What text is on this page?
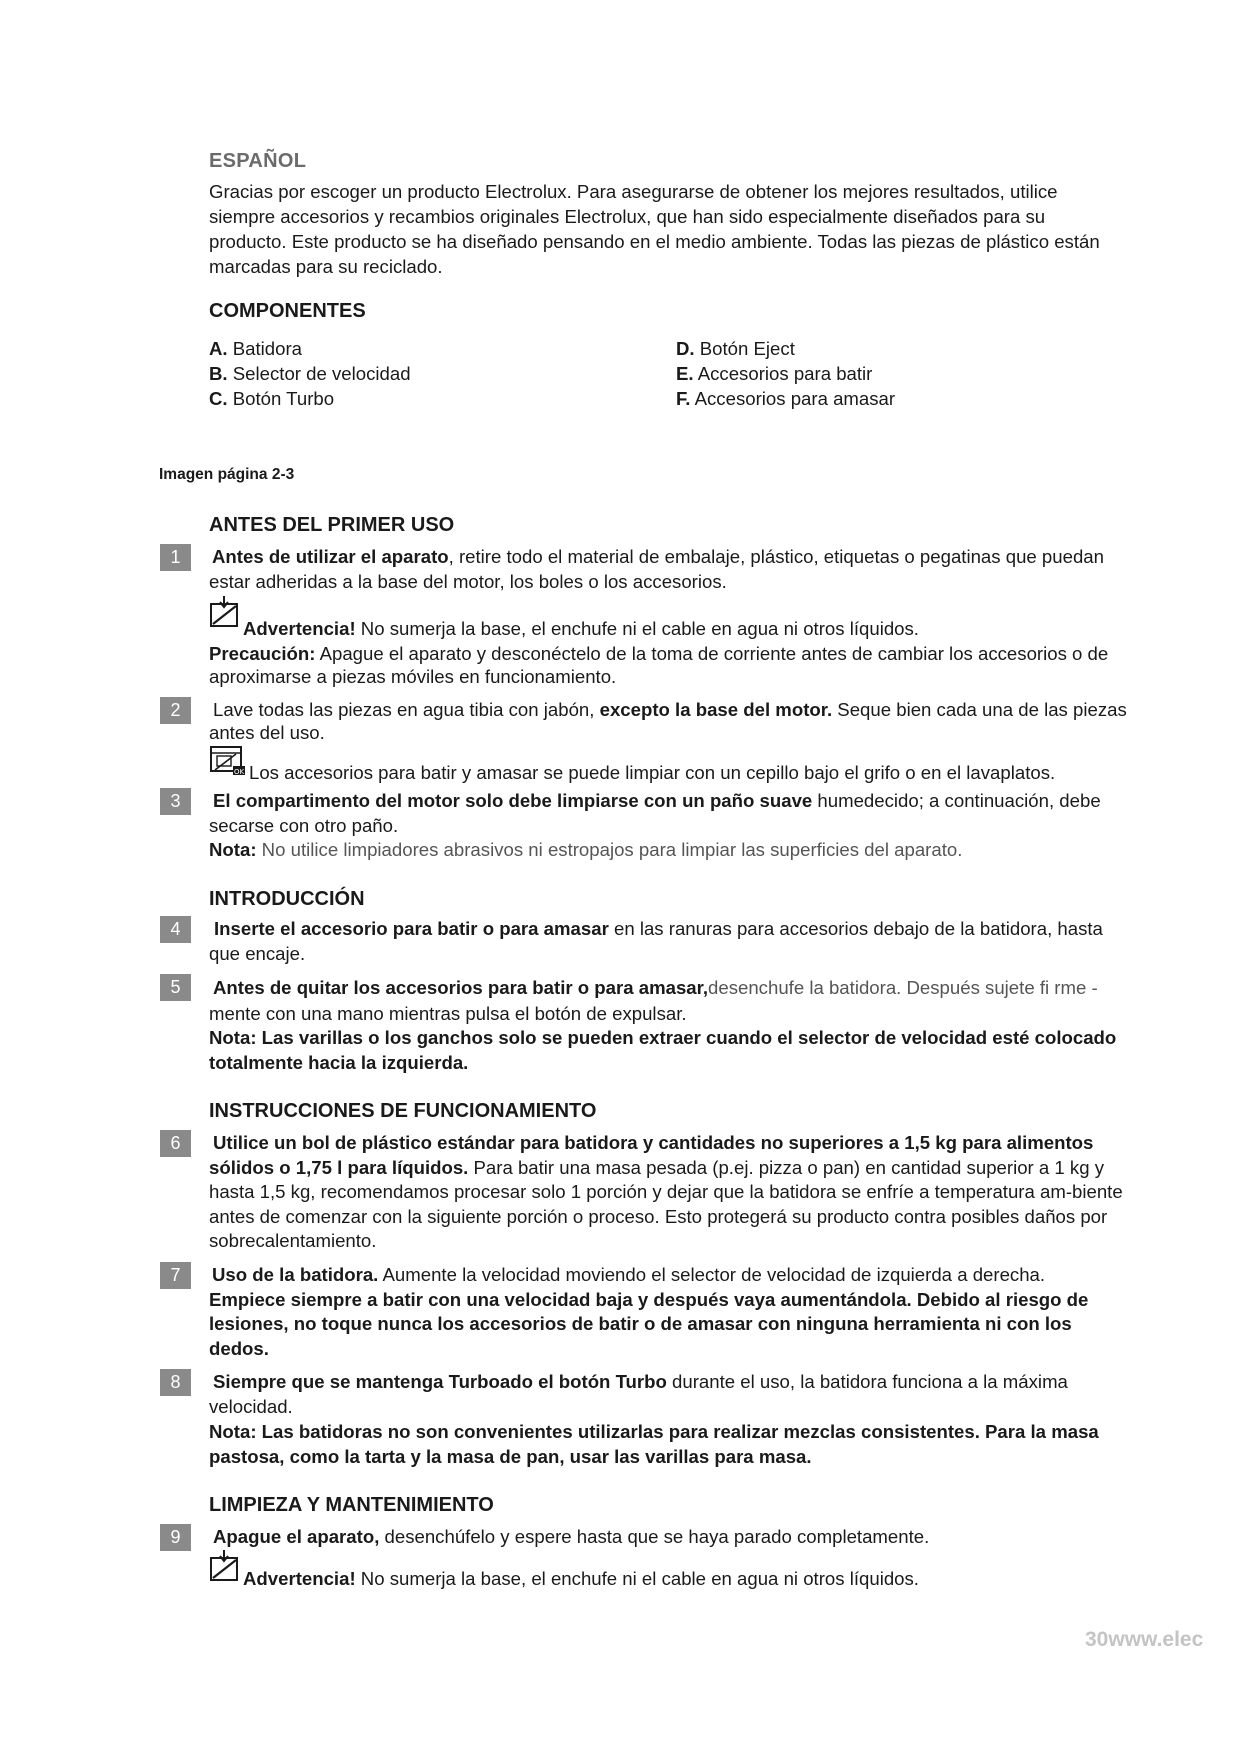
ESPAÑOL
Gracias por escoger un producto Electrolux. Para asegurarse de obtener los mejores resultados, utilice siempre accesorios y recambios originales Electrolux, que han sido especialmente diseñados para su producto. Este producto se ha diseñado pensando en el medio ambiente. Todas las piezas de plástico están marcadas para su reciclado.
COMPONENTES
A. Batidora
B. Selector de velocidad
C. Botón Turbo
D. Botón Eject
E. Accesorios para batir
F. Accesorios para amasar
Imagen página 2-3
ANTES DEL PRIMER USO
1	Antes de utilizar el aparato, retire todo el material de embalaje, plástico, etiquetas o pegatinas que puedan estar adheridas a la base del motor, los boles o los accesorios.
Advertencia! No sumerja la base, el enchufe ni el cable en agua ni otros líquidos.
Precaución: Apague el aparato y desconéctelo de la toma de corriente antes de cambiar los accesorios o de aproximarse a piezas móviles en funcionamiento.
2	Lave todas las piezas en agua tibia con jabón, excepto la base del motor. Seque bien cada una de las piezas antes del uso.
OK Los accesorios para batir y amasar se puede limpiar con un cepillo bajo el grifo o en el lavaplatos.
3	El compartimento del motor solo debe limpiarse con un paño suave humedecido; a continuación, debe secarse con otro paño.
Nota: No utilice limpiadores abrasivos ni estropajos para limpiar las superficies del aparato.
INTRODUCCIÓN
4	Inserte el accesorio para batir o para amasar en las ranuras para accesorios debajo de la batidora, hasta que encaje.
5	Antes de quitar los accesorios para batir o para amasar,desenchufe la batidora. Después sujete fi rme -
mente con una mano mientras pulsa el botón de expulsar.
Nota: Las varillas o los ganchos solo se pueden extraer cuando el selector de velocidad esté colocado totalmente hacia la izquierda.
INSTRUCCIONES DE FUNCIONAMIENTO
6	Utilice un bol de plástico estándar para batidora y cantidades no superiores a 1,5 kg para alimentos sólidos o 1,75 l para líquidos. Para batir una masa pesada (p.ej. pizza o pan) en cantidad superior a 1 kg y hasta 1,5 kg, recomendamos procesar solo 1 porción y dejar que la batidora se enfríe a temperatura am-biente antes de comenzar con la siguiente porción o proceso. Esto protegerá su producto contra posibles daños por sobrecalentamiento.
7	Uso de la batidora. Aumente la velocidad moviendo el selector de velocidad de izquierda a derecha.
Empiece siempre a batir con una velocidad baja y después vaya aumentándola. Debido al riesgo de lesiones, no toque nunca los accesorios de batir o de amasar con ninguna herramienta ni con los dedos.
8	Siempre que se mantenga Turboado el botón Turbo durante el uso, la batidora funciona a la máxima velocidad.
Nota: Las batidoras no son convenientes utilizarlas para realizar mezclas consistentes. Para la masa pastosa, como la tarta y la masa de pan, usar las varillas para masa.
LIMPIEZA Y MANTENIMIENTO
9	Apague el aparato, desenchúfelo y espere hasta que se haya parado completamente.
Advertencia! No sumerja la base, el enchufe ni el cable en agua ni otros líquidos.
30www.elec
